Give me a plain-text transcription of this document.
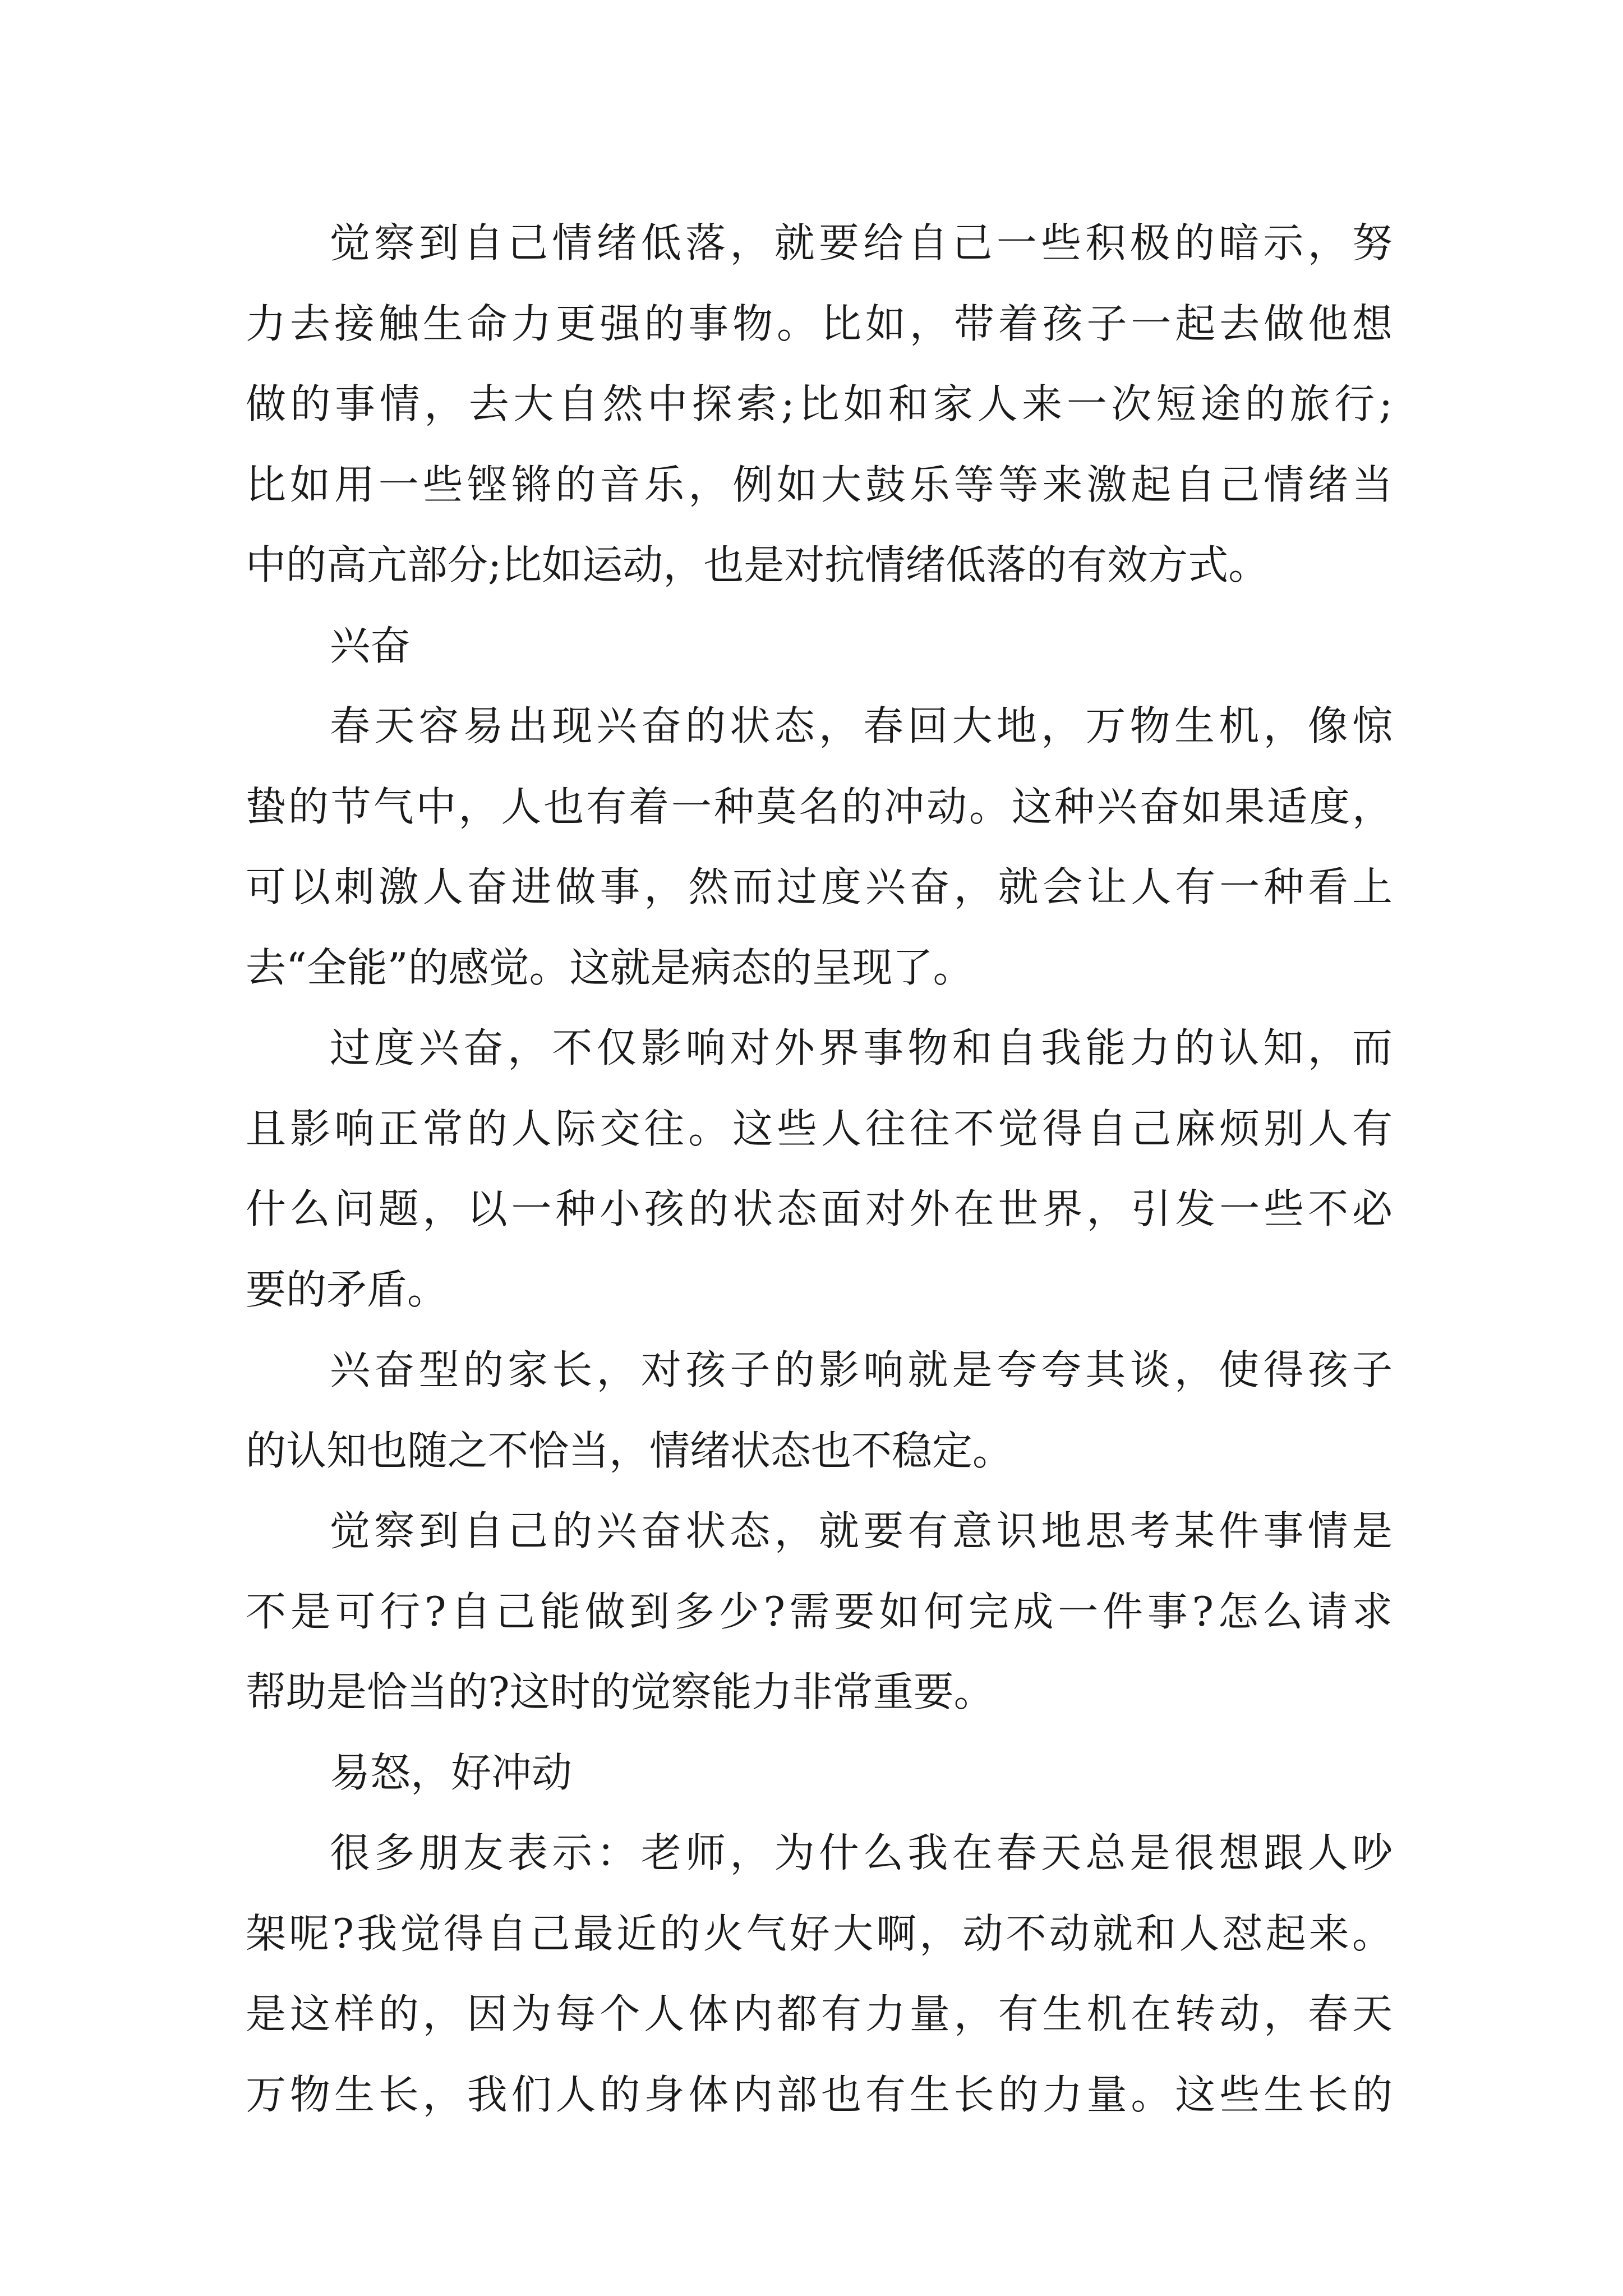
觉察到自己情绪低落，就要给自己一些积极的暗示，努
力去接触生命力更强的事物。比如，带着孩子一起去做他想
做的事情，去大自然中探索;比如和家人来一次短途的旅行;
比如用一些铿锵的音乐，例如大鼓乐等等来激起自己情绪当
中的高亢部分;比如运动，也是对抗情绪低落的有效方式。
兴奋
春天容易出现兴奋的状态，春回大地，万物生机，像惊
蛰的节气中，人也有着一种莫名的冲动。这种兴奋如果适度，
可以刺激人奋进做事，然而过度兴奋，就会让人有一种看上
去“全能”的感觉。这就是病态的呈现了。
过度兴奋，不仅影响对外界事物和自我能力的认知，而
且影响正常的人际交往。这些人往往不觉得自己麻烦别人有
什么问题，以一种小孩的状态面对外在世界，引发一些不必
要的矛盾。
兴奋型的家长，对孩子的影响就是夸夸其谈，使得孩子
的认知也随之不恰当，情绪状态也不稳定。
觉察到自己的兴奋状态，就要有意识地思考某件事情是
不是可行?自己能做到多少?需要如何完成一件事?怎么请求
帮助是恰当的?这时的觉察能力非常重要。
易怒，好冲动
很多朋友表示：老师，为什么我在春天总是很想跟人吵
架呢?我觉得自己最近的火气好大啊，动不动就和人怼起来。
是这样的，因为每个人体内都有力量，有生机在转动，春天
万物生长，我们人的身体内部也有生长的力量。这些生长的
